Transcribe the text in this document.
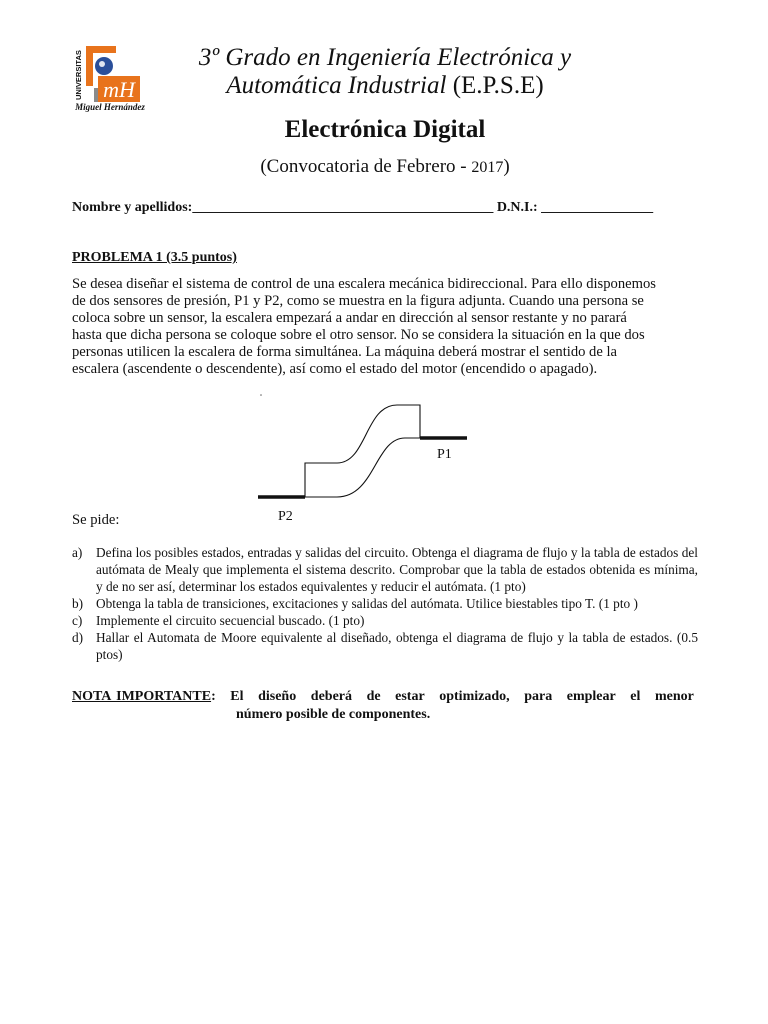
UNIVERSITAS mH
Miguel Hernández
3º Grado en Ingeniería Electrónica y
Automática Industrial (E.P.S.E)
Electrónica Digital
(Convocatoria de Febrero - 2017)
Nombre y apellidos:___________________________________________ D.N.I.: ________________
PROBLEMA 1 (3.5 puntos)

Se desea diseñar el sistema de control de una escalera mecánica bidireccional. Para ello disponemos

de dos sensores de presión, P1 y P2, como se muestra en la figura adjunta. Cuando una persona se

coloca sobre un sensor, la escalera empezará a andar en dirección al sensor restante y no parará

hasta que dicha persona se coloque sobre el otro sensor. No se considera la situación en la que dos

personas utilicen la escalera de forma simultánea. La máquina deberá mostrar el sentido de la

escalera (ascendente o descendente), así como el estado del motor (encendido o apagado).

P1
P2
Se pide:
a) Defina los posibles estados, entradas y salidas del circuito. Obtenga el diagrama de flujo y la tabla de estados del autómata de Mealy que implementa el sistema descrito. Comprobar que la tabla de estados obtenida es mínima, y de no ser así, determinar los estados equivalentes y reducir el autómata. (1 pto)
b) Obtenga la tabla de transiciones, excitaciones y salidas del autómata. Utilice biestables tipo T. (1 pto )
c) Implemente el circuito secuencial buscado. (1 pto)
d) Hallar el Automata de Moore equivalente al diseñado, obtenga el diagrama de flujo y la tabla de estados. (0.5 ptos)
NOTA IMPORTANTE: El diseño deberá de estar optimizado, para emplear el menor
número posible de componentes.
